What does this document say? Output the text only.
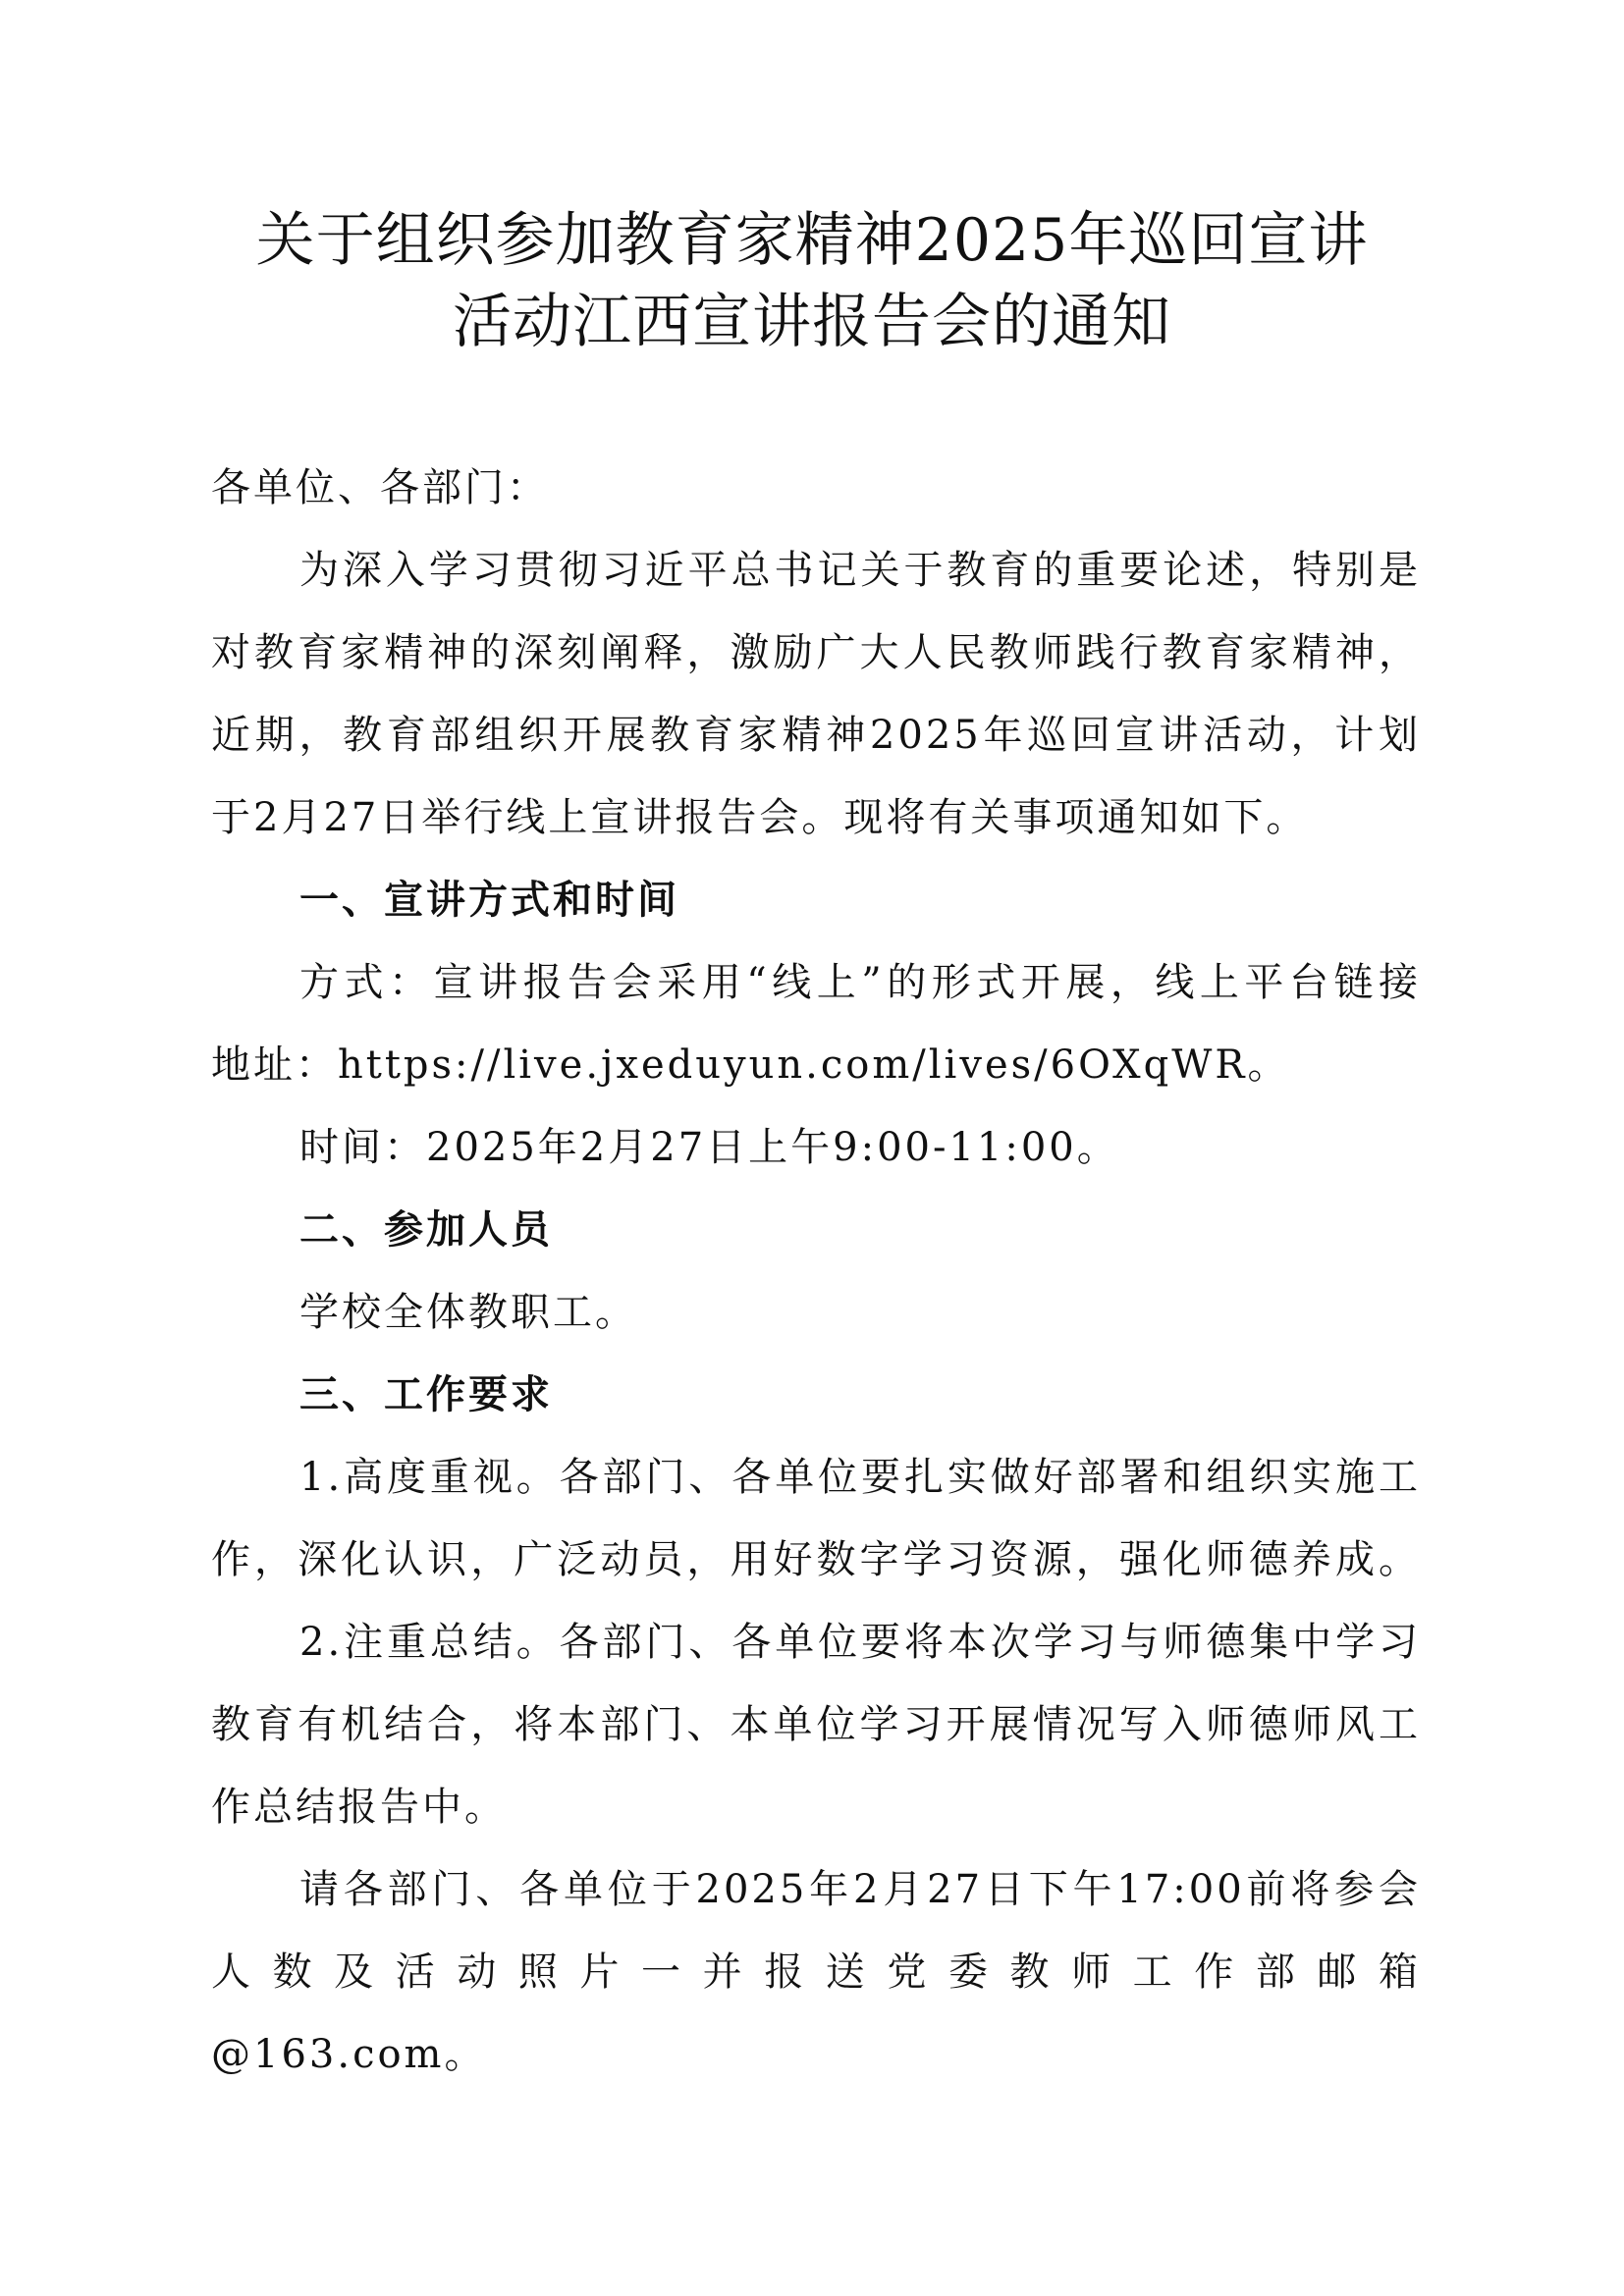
关于组织参加教育家精神2025年巡回宣讲
活动江西宣讲报告会的通知
各单位、各部门：
为深入学习贯彻习近平总书记关于教育的重要论述，特别是
对教育家精神的深刻阐释，激励广大人民教师践行教育家精神，
近期，教育部组织开展教育家精神2025年巡回宣讲活动，计划
于2月27日举行线上宣讲报告会。现将有关事项通知如下。
一、宣讲方式和时间
方式：宣讲报告会采用“线上”的形式开展，线上平台链接
地址：https://live.jxeduyun.com/lives/6OXqWR。
时间：2025年2月27日上午9:00-11:00。
二、参加人员
学校全体教职工。
三、工作要求
1.高度重视。各部门、各单位要扎实做好部署和组织实施工
作，深化认识，广泛动员，用好数字学习资源，强化师德养成。
2.注重总结。各部门、各单位要将本次学习与师德集中学习
教育有机结合，将本部门、本单位学习开展情况写入师德师风工
作总结报告中。
请各部门、各单位于2025年2月27日下午17:00前将参会
人数及活动照片一并报送党委教师工作部邮箱
@163.com。
